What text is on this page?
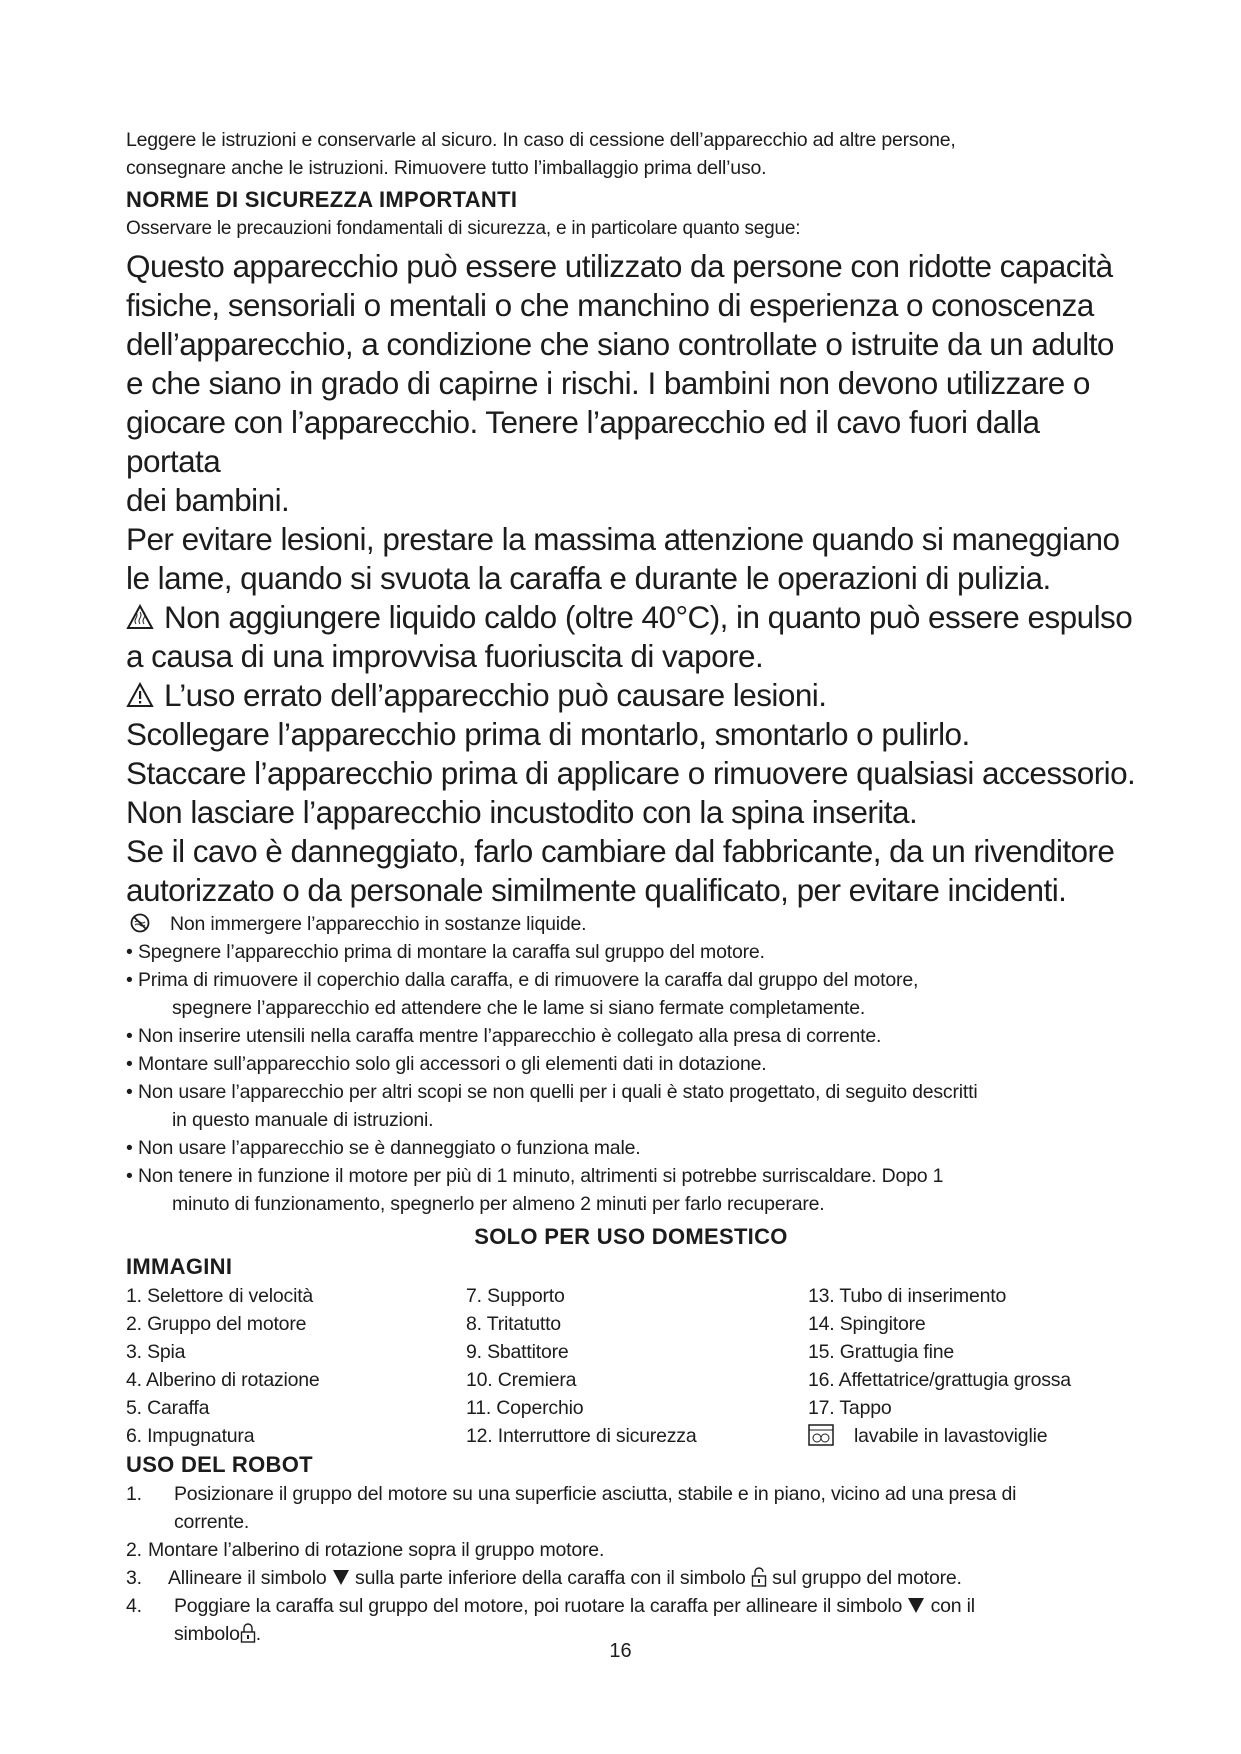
Leggere le istruzioni e conservarle al sicuro. In caso di cessione dell’apparecchio ad altre persone,

consegnare anche le istruzioni. Rimuovere tutto l’imballaggio prima dell’uso.

NORME DI SICUREZZA IMPORTANTI

Osservare le precauzioni fondamentali di sicurezza, e in particolare quanto segue:

Questo apparecchio può essere utilizzato da persone con ridotte capacità

fisiche, sensoriali o mentali o che manchino di esperienza o conoscenza

dell’apparecchio, a condizione che siano controllate o istruite da un adulto

e che siano in grado di capirne i rischi. I bambini non devono utilizzare o

giocare con l’apparecchio. Tenere l’apparecchio ed il cavo fuori dalla portata

dei bambini.

Per evitare lesioni, prestare la massima attenzione quando si maneggiano

le lame, quando si svuota la caraffa e durante le operazioni di pulizia.

Non aggiungere liquido caldo (oltre 40°C), in quanto può essere espulso

a causa di una improvvisa fuoriuscita di vapore.

L’uso errato dell’apparecchio può causare lesioni.

Scollegare l’apparecchio prima di montarlo, smontarlo o pulirlo.

Staccare l’apparecchio prima di applicare o rimuovere qualsiasi accessorio.

Non lasciare l’apparecchio incustodito con la spina inserita.

Se il cavo è danneggiato, farlo cambiare dal fabbricante, da un rivenditore

autorizzato o da personale similmente qualificato, per evitare incidenti.

Non immergere l’apparecchio in sostanze liquide.

• Spegnere l’apparecchio prima di montare la caraffa sul gruppo del motore.
• Prima di rimuovere il coperchio dalla caraffa, e di rimuovere la caraffa dal gruppo del motore,
spegnere l’apparecchio ed attendere che le lame si siano fermate completamente.
• Non inserire utensili nella caraffa mentre l’apparecchio è collegato alla presa di corrente.
• Montare sull’apparecchio solo gli accessori o gli elementi dati in dotazione.
• Non usare l’apparecchio per altri scopi se non quelli per i quali è stato progettato, di seguito descritti
in questo manuale di istruzioni.
• Non usare l’apparecchio se è danneggiato o funziona male.
• Non tenere in funzione il motore per più di 1 minuto, altrimenti si potrebbe surriscaldare. Dopo 1
minuto di funzionamento, spegnerlo per almeno 2 minuti per farlo recuperare.

SOLO PER USO DOMESTICO

IMMAGINI

1. Selettore di velocità	7. Supporto	13. Tubo di inserimento
2. Gruppo del motore	8. Tritatutto	14. Spingitore
3. Spia	9. Sbattitore	15. Grattugia fine
4. Alberino di rotazione	10. Cremiera	16. Affettatrice/grattugia grossa
5. Caraffa	11. Coperchio	17. Tappo
6. Impugnatura	12. Interruttore di sicurezza	lavabile in lavastoviglie

USO DEL ROBOT

1. Posizionare il gruppo del motore su una superficie asciutta, stabile e in piano, vicino ad una presa di
corrente.
2. Montare l’alberino di rotazione sopra il gruppo motore.
3. Allineare il simbolo sulla parte inferiore della caraffa con il simbolo sul gruppo del motore.
4. Poggiare la caraffa sul gruppo del motore, poi ruotare la caraffa per allineare il simbolo con il
simbolo .
16
